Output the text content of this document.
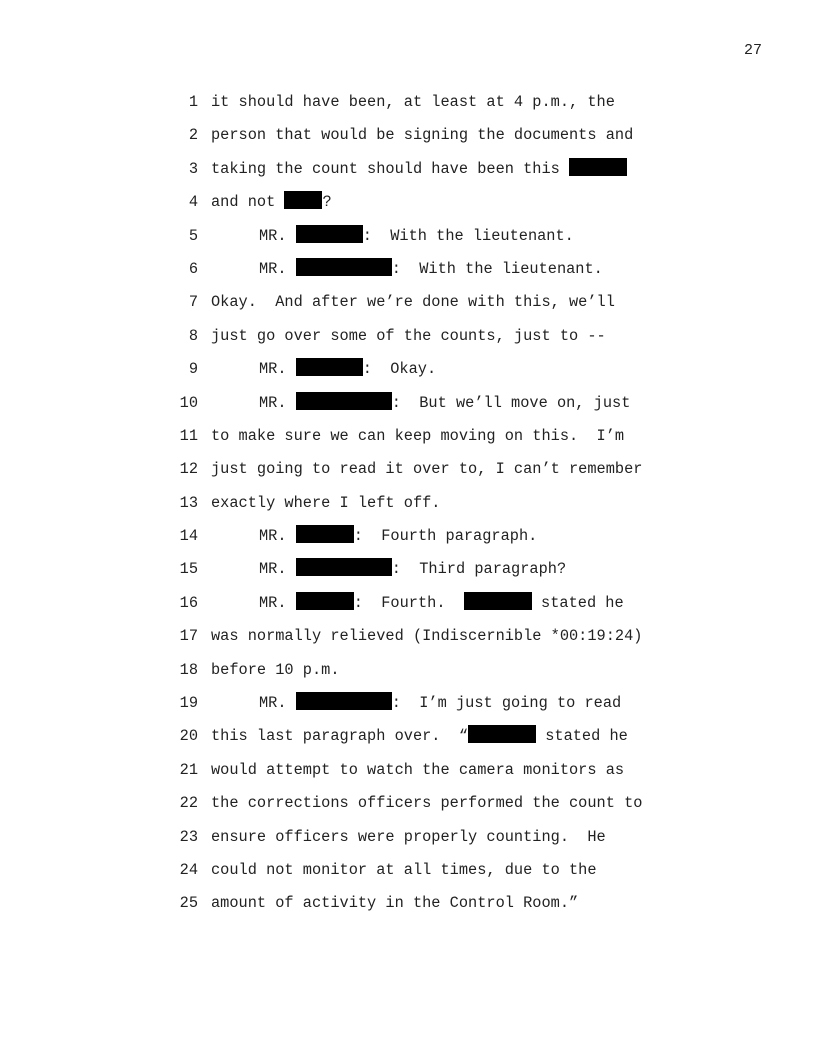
27
1 it should have been, at least at 4 p.m., the
2 person that would be signing the documents and
3 taking the count should have been this
4 and not ?
5	MR.	:  With the lieutenant.
6	MR.	:  With the lieutenant.
7 Okay.  And after we’re done with this, we’ll
8 just go over some of the counts, just to --
9	MR.	:  Okay.
10	MR.	:  But we’ll move on, just
11 to make sure we can keep moving on this.  I’m
12 just going to read it over to, I can’t remember
13 exactly where I left off.
14	MR.	:  Fourth paragraph.
15	MR.	:  Third paragraph?
16	MR.	:  Fourth.	stated he
17 was normally relieved (Indiscernible *00:19:24)
18 before 10 p.m.
19	MR.	:  I’m just going to read
20 this last paragraph over.  “	stated he
21 would attempt to watch the camera monitors as
22 the corrections officers performed the count to
23 ensure officers were properly counting.  He
24 could not monitor at all times, due to the
25 amount of activity in the Control Room.”
